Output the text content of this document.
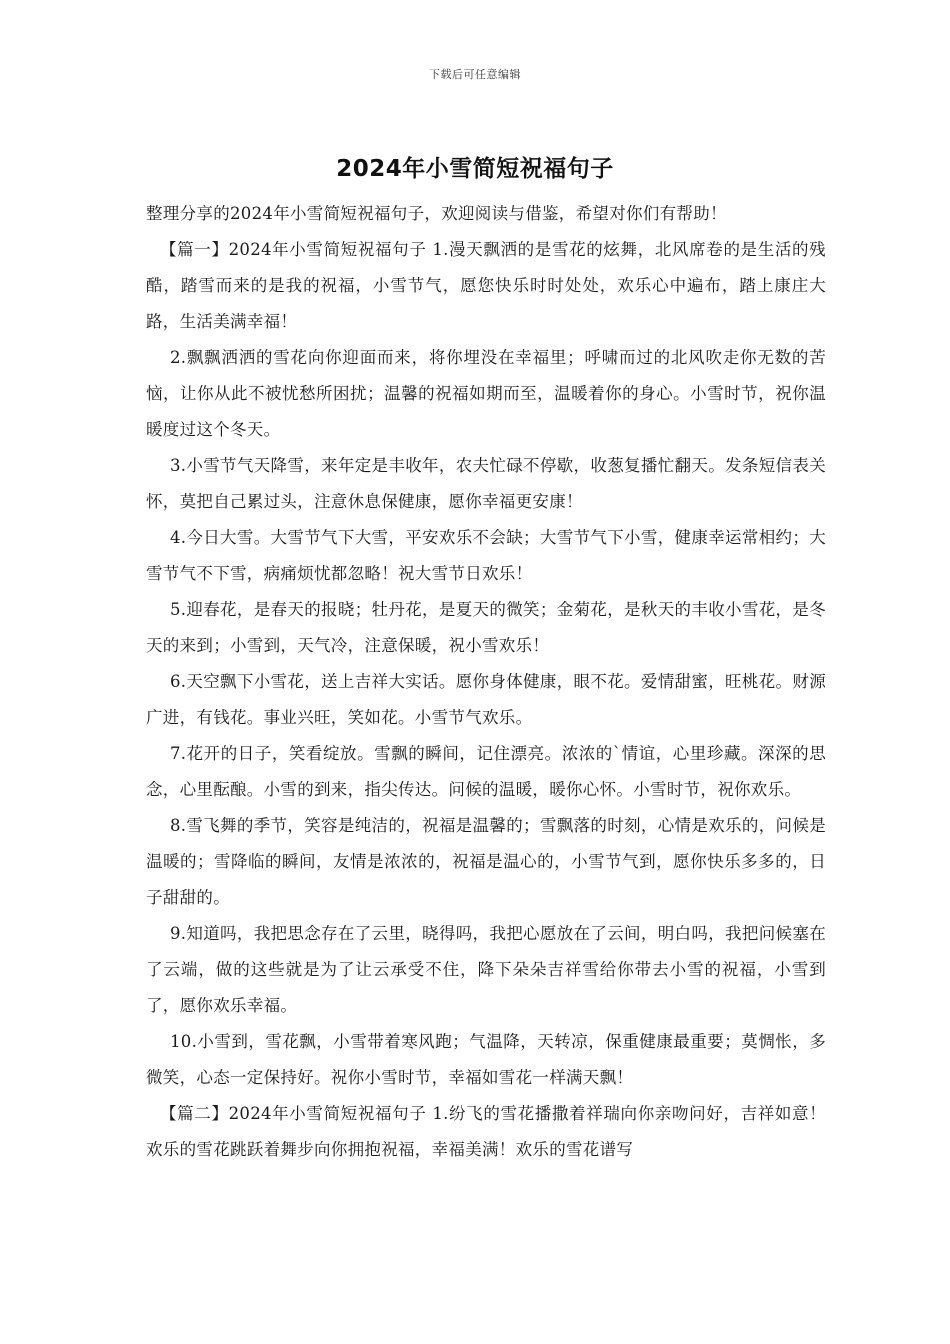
下载后可任意编辑
2024年小雪简短祝福句子

整理分享的2024年小雪简短祝福句子，欢迎阅读与借鉴，希望对你们有帮助！

【篇一】2024年小雪简短祝福句子 1.漫天飘洒的是雪花的炫舞，北风席卷的是生活的残酷，踏雪而来的是我的祝福，小雪节气，愿您快乐时时处处，欢乐心中遍布，踏上康庄大路，生活美满幸福！

2.飘飘洒洒的雪花向你迎面而来，将你埋没在幸福里；呼啸而过的北风吹走你无数的苦恼，让你从此不被忧愁所困扰；温馨的祝福如期而至，温暖着你的身心。小雪时节，祝你温暖度过这个冬天。

3.小雪节气天降雪，来年定是丰收年，农夫忙碌不停歇，收葱复播忙翻天。发条短信表关怀，莫把自己累过头，注意休息保健康，愿你幸福更安康！

4.今日大雪。大雪节气下大雪，平安欢乐不会缺；大雪节气下小雪，健康幸运常相约；大雪节气不下雪，病痛烦忧都忽略！祝大雪节日欢乐！

5.迎春花，是春天的报晓；牡丹花，是夏天的微笑；金菊花，是秋天的丰收小雪花，是冬天的来到；小雪到，天气冷，注意保暖，祝小雪欢乐！

6.天空飘下小雪花，送上吉祥大实话。愿你身体健康，眼不花。爱情甜蜜，旺桃花。财源广进，有钱花。事业兴旺，笑如花。小雪节气欢乐。

7.花开的日子，笑看绽放。雪飘的瞬间，记住漂亮。浓浓的`情谊，心里珍藏。深深的思念，心里酝酿。小雪的到来，指尖传达。问候的温暖，暖你心怀。小雪时节，祝你欢乐。

8.雪飞舞的季节，笑容是纯洁的，祝福是温馨的；雪飘落的时刻，心情是欢乐的，问候是温暖的；雪降临的瞬间，友情是浓浓的，祝福是温心的，小雪节气到，愿你快乐多多的，日子甜甜的。

9.知道吗，我把思念存在了云里，晓得吗，我把心愿放在了云间，明白吗，我把问候塞在了云端，做的这些就是为了让云承受不住，降下朵朵吉祥雪给你带去小雪的祝福，小雪到了，愿你欢乐幸福。

10.小雪到，雪花飘，小雪带着寒风跑；气温降，天转凉，保重健康最重要；莫惆怅，多微笑，心态一定保持好。祝你小雪时节，幸福如雪花一样满天飘！

【篇二】2024年小雪简短祝福句子 1.纷飞的雪花播撒着祥瑞向你亲吻问好，吉祥如意！欢乐的雪花跳跃着舞步向你拥抱祝福，幸福美满！欢乐的雪花谱写
